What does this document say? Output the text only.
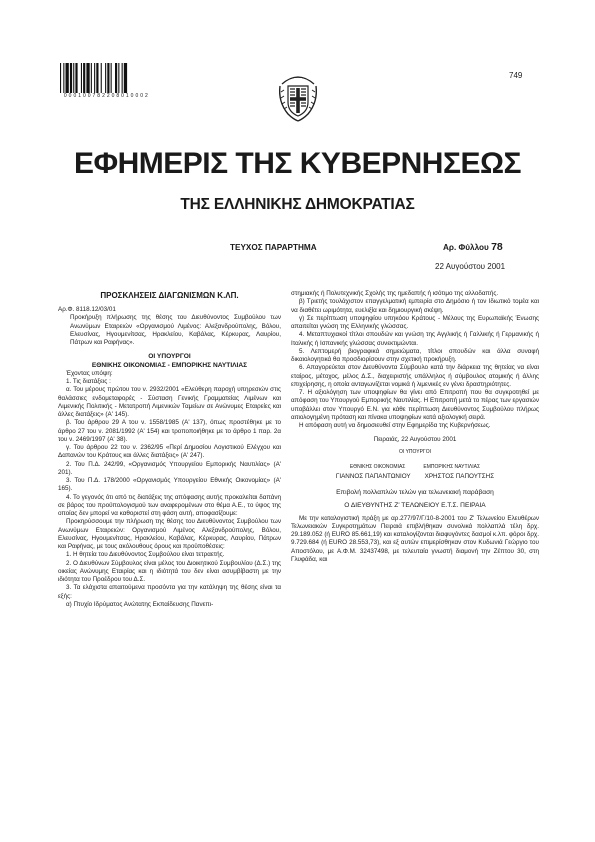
0 0 0 1 0 0 7 8 2 2 0 8 0 1 0 0 0 2
749
ΕΦΗΜΕΡΙΣ ΤΗΣ ΚΥΒΕΡΝΗΣΕΩΣ
ΤΗΣ ΕΛΛΗΝΙΚΗΣ ΔΗΜΟΚΡΑΤΙΑΣ
ΤΕΥΧΟΣ ΠΑΡΑΡΤΗΜΑ	Αρ. Φύλλου 78
22 Αυγούστου 2001

ΠΡΟΣΚΛΗΣΕΙΣ ΔΙΑΓΩΝΙΣΜΩΝ Κ.ΛΠ.

Αρ.Φ. 8118.12/03/01

Προκήρυξη πλήρωσης της θέσης του Διευθύνοντος Συμβούλου των Ανωνύμων Εταιρειών «Οργανισμού Λιμένος: Αλεξανδρούπολης, Βόλου, Ελευσίνας, Ηγουμενίτσας, Ηρακλείου, Καβάλας, Κέρκυρας, Λαυρίου, Πάτρων και Ραφήνας».

ΟΙ ΥΠΟΥΡΓΟΙ

ΕΘΝΙΚΗΣ ΟΙΚΟΝΟΜΙΑΣ - ΕΜΠΟΡΙΚΗΣ ΝΑΥΤΙΛΙΑΣ

Έχοντας υπόψη:

1. Τις διατάξεις :

α. Του μέρους πρώτου του ν. 2932/2001 «Ελεύθερη παροχή υπηρεσιών στις θαλάσσιες ενδομεταφορές - Σύσταση Γενικής Γραμματείας Λιμένων και Λιμενικής Πολιτικής - Μετατροπή Λιμενικών Ταμείων σε Ανώνυμες Εταιρείες και άλλες διατάξεις» (Α' 145).

β. Του άρθρου 29 Α του ν. 1558/1985 (Α' 137), όπως προστέθηκε με το άρθρο 27 του ν. 2081/1992 (Α' 154) και τροποποιήθηκε με το άρθρο 1 παρ. 2α του ν. 2469/1997 (Α' 38).

γ. Του άρθρου 22 του ν. 2362/95 «Περί Δημοσίου Λογιστικού Ελέγχου και Δαπανών του Κράτους και άλλες διατάξεις» (Α' 247).

2. Του Π.Δ. 242/99, «Οργανισμός Υπουργείου Εμπορικής Ναυτιλίας» (Α' 201).

3. Του Π.Δ. 178/2000 «Οργανισμός Υπουργείου Εθνικής Οικονομίας» (Α' 165).

4. Το γεγονός ότι από τις διατάξεις της απόφασης αυτής προκαλείται δαπάνη σε βάρος του προϋπολογισμού των αναφερομένων στο θέμα Α.Ε., το ύψος της οποίας δεν μπορεί να καθοριστεί στη φάση αυτή, αποφασίζουμε:

Προκηρύσσουμε την πλήρωση της θέσης του Διευθύνοντος Συμβούλου των Ανωνύμων Εταιρειών: Οργανισμού Λιμένος Αλεξανδρούπολης, Βόλου, Ελευσίνας, Ηγουμενίτσας, Ηρακλείου, Καβάλας, Κέρκυρας, Λαυρίου, Πάτρων και Ραφήνας, με τους ακόλουθους όρους και προϋποθέσεις:

1. Η θητεία του Διευθύνοντος Συμβούλου είναι τετραετής.

2. Ο Διευθύνων Σύμβουλος είναι μέλος του Διοικητικού Συμβουλίου (Δ.Σ.) της οικείας Ανώνυμης Εταιρίας και η ιδιότητά του δεν είναι ασυμβίβαστη με την ιδιότητα του Προέδρου του Δ.Σ.

3. Τα ελάχιστα απαιτούμενα προσόντα για την κατάληψη της θέσης είναι τα εξής:

α) Πτυχίο Ιδρύματος Ανώτατης Εκπαίδευσης Πανεπι-

στημιακής ή Πολυτεχνικής Σχολής της ημεδαπής ή ισότιμο της αλλοδαπής.

β) Τριετής τουλάχιστον επαγγελματική εμπειρία στο Δημόσιο ή τον Ιδιωτικό τομέα και να διαθέτει ωριμότητα, ευελιξία και δημιουργική σκέψη.

γ) Σε περίπτωση υποψηφίου υπηκόου Κράτους - Μέλους της Ευρωπαϊκής Ένωσης απαιτείται γνώση της Ελληνικής γλώσσας.

4. Μεταπτυχιακοί τίτλοι σπουδών και γνώση της Αγγλικής ή Γαλλικής ή Γερμανικής ή Ιταλικής ή Ισπανικής γλώσσας συνεκτιμώνται.

5. Λεπτομερή βιογραφικά σημειώματα, τίτλοι σπουδών και άλλα συναφή δικαιολογητικά θα προσδιορίσουν στην σχετική προκήρυξη.

6. Απαγορεύεται στον Διευθύνοντα Σύμβουλο κατά την διάρκεια της θητείας να είναι εταίρος, μέτοχος, μέλος Δ.Σ., διαχειριστής υπάλληλος ή σύμβουλος ατομικής ή άλλης επιχείρησης, η οποία ανταγωνίζεται νομικά ή λιμενικές εν γένει δραστηριότητες.

7. Η αξιολόγηση των υποψηφίων θα γίνει από Επιτροπή που θα συγκροτηθεί με απόφαση του Υπουργού Εμπορικής Ναυτιλίας. Η Επιτροπή μετά το πέρας των εργασιών υποβάλλει στον Υπουργό Ε.Ν. για κάθε περίπτωση Διευθύνοντος Συμβούλου πλήρως αιτιολογημένη πρόταση και πίνακα υποψηφίων κατά αξιολογική σειρά.

Η απόφαση αυτή να δημοσιευθεί στην Εφημερίδα της Κυβερνήσεως.

Πειραιάς, 22 Αυγούστου 2001

ΟΙ ΥΠΟΥΡΓΟΙ

ΕΘΝΙΚΗΣ ΟΙΚΟΝΟΜΙΑΣ	ΕΜΠΟΡΙΚΗΣ ΝΑΥΤΙΛΙΑΣ
ΓΙΑΝΝΟΣ ΠΑΠΑΝΤΩΝΙΟΥ ΧΡΗΣΤΟΣ ΠΑΠΟΥΤΣΗΣ

Επιβολή πολλαπλών τελών για τελωνειακή παράβαση

Ο ΔΙΕΥΘΥΝΤΗΣ Ζ' ΤΕΛΩΝΕΙΟΥ Ε.Τ.Σ. ΠΕΙΡΑΙΑ

Με την καταλογιστική πράξη με αρ.277/97/Γ/10-8-2001 του Ζ' Τελωνείου Ελευθέρων Τελωνειακών Συγκροτημάτων Πειραιά επιβλήθηκαν συνολικά πολλαπλά τέλη δρχ. 29.189.052 (ή EURO 85.661,19) και καταλογίζονται διαφυγόντες δασμοί κ.λπ. φόροι δρχ. 9.729.684 (ή EURO 28.553,73), και εξ αυτών επιμερίσθηκαν στον Κυδωνιά Γεώργιο του Αποστόλου, με Α.Φ.Μ. 32437498, με τελευταία γνωστή διαμονή την Ζέπτου 30, στη Γλυφάδα, και
